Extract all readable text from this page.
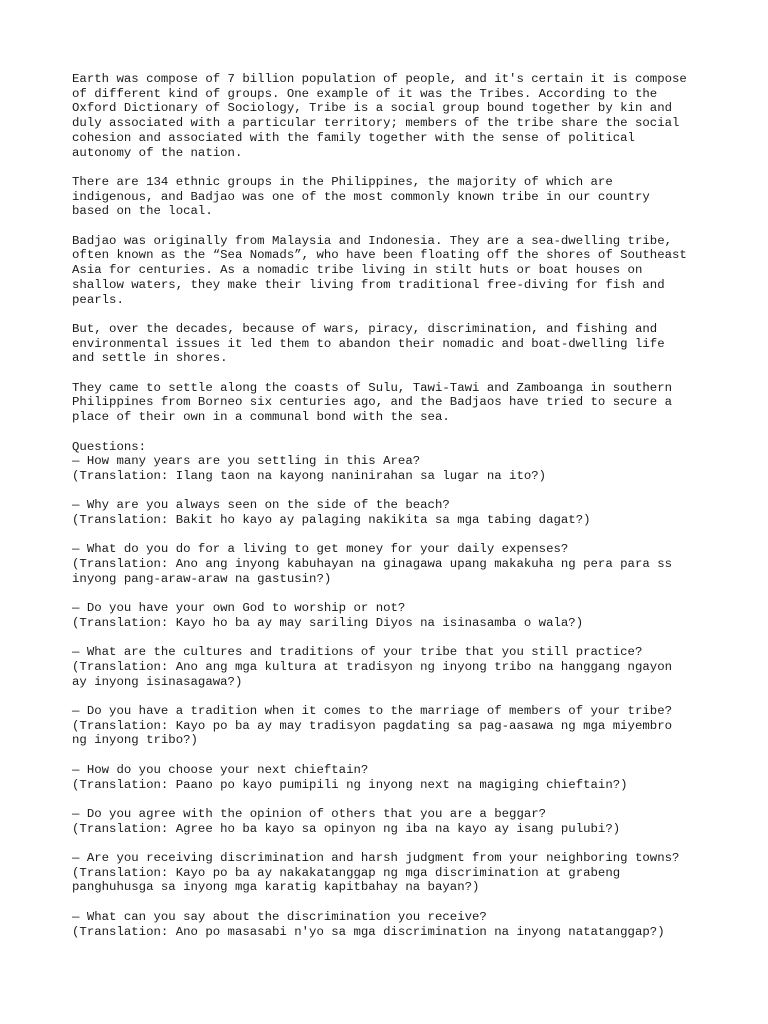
Earth was compose of 7 billion population of people, and it's certain it is compose
of different kind of groups. One example of it was the Tribes. According to the
Oxford Dictionary of Sociology, Tribe is a social group bound together by kin and
duly associated with a particular territory; members of the tribe share the social
cohesion and associated with the family together with the sense of political
autonomy of the nation.

There are 134 ethnic groups in the Philippines, the majority of which are
indigenous, and Badjao was one of the most commonly known tribe in our country
based on the local.

Badjao was originally from Malaysia and Indonesia. They are a sea-dwelling tribe,
often known as the “Sea Nomads”, who have been floating off the shores of Southeast
Asia for centuries. As a nomadic tribe living in stilt huts or boat houses on
shallow waters, they make their living from traditional free-diving for fish and
pearls.

But, over the decades, because of wars, piracy, discrimination, and fishing and
environmental issues it led them to abandon their nomadic and boat-dwelling life
and settle in shores.

They came to settle along the coasts of Sulu, Tawi-Tawi and Zamboanga in southern
Philippines from Borneo six centuries ago, and the Badjaos have tried to secure a
place of their own in a communal bond with the sea.

Questions:
— How many years are you settling in this Area?
(Translation: Ilang taon na kayong naninirahan sa lugar na ito?)
— Why are you always seen on the side of the beach?
(Translation: Bakit ho kayo ay palaging nakikita sa mga tabing dagat?)
— What do you do for a living to get money for your daily expenses?
(Translation: Ano ang inyong kabuhayan na ginagawa upang makakuha ng pera para ss
inyong pang-araw-araw na gastusin?)
— Do you have your own God to worship or not?
(Translation: Kayo ho ba ay may sariling Diyos na isinasamba o wala?)
— What are the cultures and traditions of your tribe that you still practice?
(Translation: Ano ang mga kultura at tradisyon ng inyong tribo na hanggang ngayon
ay inyong isinasagawa?)
— Do you have a tradition when it comes to the marriage of members of your tribe?
(Translation: Kayo po ba ay may tradisyon pagdating sa pag-aasawa ng mga miyembro
ng inyong tribo?)
— How do you choose your next chieftain?
(Translation: Paano po kayo pumipili ng inyong next na magiging chieftain?)
— Do you agree with the opinion of others that you are a beggar?
(Translation: Agree ho ba kayo sa opinyon ng iba na kayo ay isang pulubi?)
— Are you receiving discrimination and harsh judgment from your neighboring towns?
(Translation: Kayo po ba ay nakakatanggap ng mga discrimination at grabeng
panghuhusga sa inyong mga karatig kapitbahay na bayan?)
— What can you say about the discrimination you receive?
(Translation: Ano po masasabi n'yo sa mga discrimination na inyong natatanggap?)
